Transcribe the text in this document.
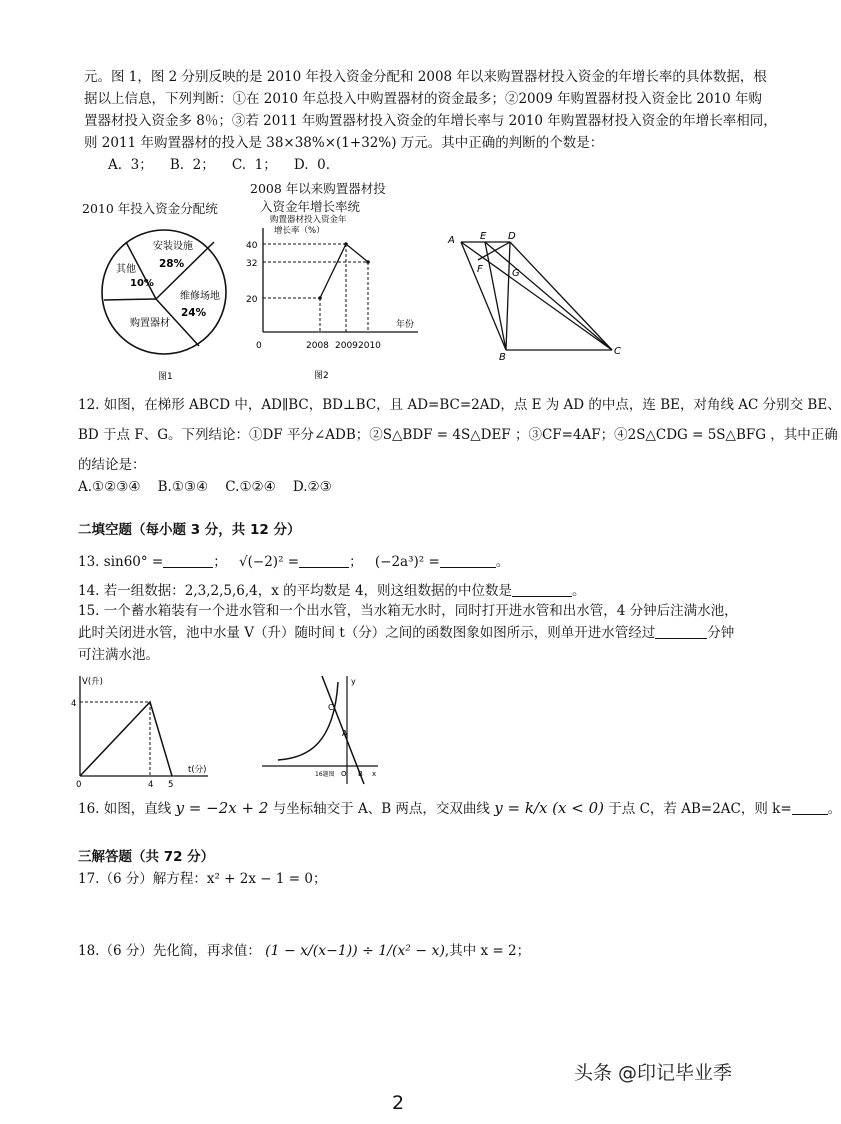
元。图 1，图 2 分别反映的是 2010 年投入资金分配和 2008 年以来购置器材投入资金的年增长率的具体数据，根
据以上信息，下列判断：①在 2010 年总投入中购置器材的资金最多；②2009 年购置器材投入资金比 2010 年购
置器材投入资金多 8％；③若 2011 年购置器材投入资金的年增长率与 2010 年购置器材投入资金的年增长率相同，
则 2011 年购置器材的投入是 38×38%×(1+32%) 万元。其中正确的判断的个数是：
A.  3；    B.  2；    C.  1；    D.  0.
2010 年投入资金分配统
安装设施
28%
其他
10%
维修场地
24%
购置器材
图1
2008 年以来购置器材投
入资金年增长率统
购置器材投入资金年
增长率（%）
年份
0
40
32
20
2008 2009 2010
图2
A	E D
F	G
B
C
12. 如图，在梯形 ABCD 中，AD∥BC，BD⊥BC，且 AD=BC=2AD，点 E 为 AD 的中点，连 BE，对角线 AC 分别交 BE、
BD 于点 F、G。下列结论：①DF 平分∠ADB；②S△BDF = 4S△DEF ；③CF=4AF；④2S△CDG = 5S△BFG ，其中正确
的结论是：
A.①②③④    B.①③④    C.①②④    D.②③
二填空题（每小题 3 分，共 12 分）
13. sin60° =	； √(−2)² =	； (−2a³)² =	。
14. 若一组数据：2,3,2,5,6,4，x 的平均数是 4，则这组数据的中位数是	。
15. 一个蓄水箱装有一个进水管和一个出水管，当水箱无水时，同时打开进水管和出水管，4 分钟后注满水池，
此时关闭进水管，池中水量 V（升）随时间 t（分）之间的函数图象如图所示，则单开进水管经过	分钟
可注满水池。
V(升)
t(分)
4
0	4 5
y
C
A
O B x
16题图
16. 如图，直线 y = −2x + 2 与坐标轴交于 A、B 两点，交双曲线 y = k/x (x < 0) 于点 C，若 AB=2AC，则 k=	。
三解答题（共 72 分）
17.（6 分）解方程：x² + 2x − 1 = 0；
18.（6 分）先化简，再求值： (1 − x/(x−1)) ÷ 1/(x² − x),其中 x = 2；
头条 @印记毕业季
2
